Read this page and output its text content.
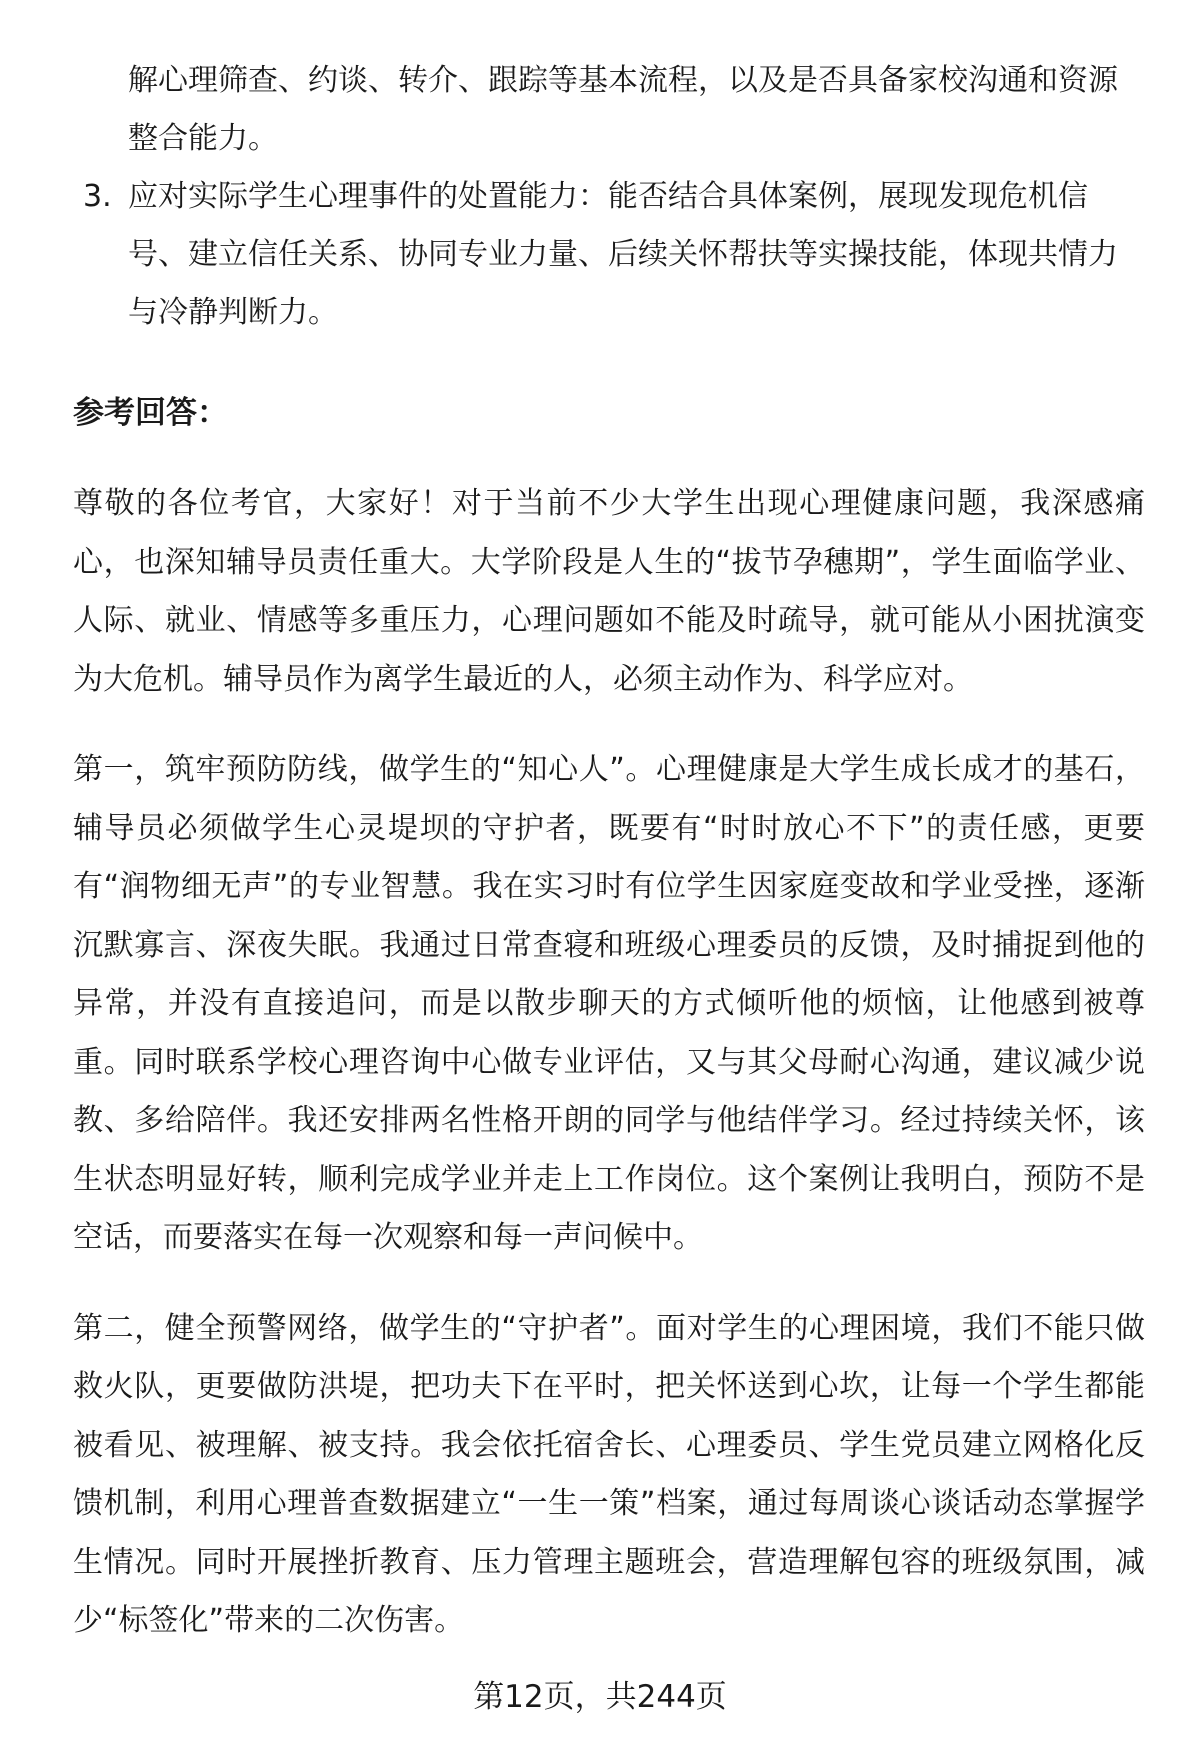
解心理筛查、约谈、转介、跟踪等基本流程，以及是否具备家校沟通和资源整合能力。
3. 应对实际学生心理事件的处置能力：能否结合具体案例，展现发现危机信号、建立信任关系、协同专业力量、后续关怀帮扶等实操技能，体现共情力与冷静判断力。
参考回答：

尊敬的各位考官，大家好！对于当前不少大学生出现心理健康问题，我深感痛心，也深知辅导员责任重大。大学阶段是人生的“拔节孕穗期”，学生面临学业、人际、就业、情感等多重压力，心理问题如不能及时疏导，就可能从小困扰演变为大危机。辅导员作为离学生最近的人，必须主动作为、科学应对。

第一，筑牢预防防线，做学生的“知心人”。心理健康是大学生成长成才的基石，辅导员必须做学生心灵堤坝的守护者，既要有“时时放心不下”的责任感，更要有“润物细无声”的专业智慧。我在实习时有位学生因家庭变故和学业受挫，逐渐沉默寡言、深夜失眠。我通过日常查寝和班级心理委员的反馈，及时捕捉到他的异常，并没有直接追问，而是以散步聊天的方式倾听他的烦恼，让他感到被尊重。同时联系学校心理咨询中心做专业评估，又与其父母耐心沟通，建议减少说教、多给陪伴。我还安排两名性格开朗的同学与他结伴学习。经过持续关怀，该生状态明显好转，顺利完成学业并走上工作岗位。这个案例让我明白，预防不是空话，而要落实在每一次观察和每一声问候中。

第二，健全预警网络，做学生的“守护者”。面对学生的心理困境，我们不能只做救火队，更要做防洪堤，把功夫下在平时，把关怀送到心坎，让每一个学生都能被看见、被理解、被支持。我会依托宿舍长、心理委员、学生党员建立网格化反馈机制，利用心理普查数据建立“一生一策”档案，通过每周谈心谈话动态掌握学生情况。同时开展挫折教育、压力管理主题班会，营造理解包容的班级氛围，减少“标签化”带来的二次伤害。

第12页，共244页
